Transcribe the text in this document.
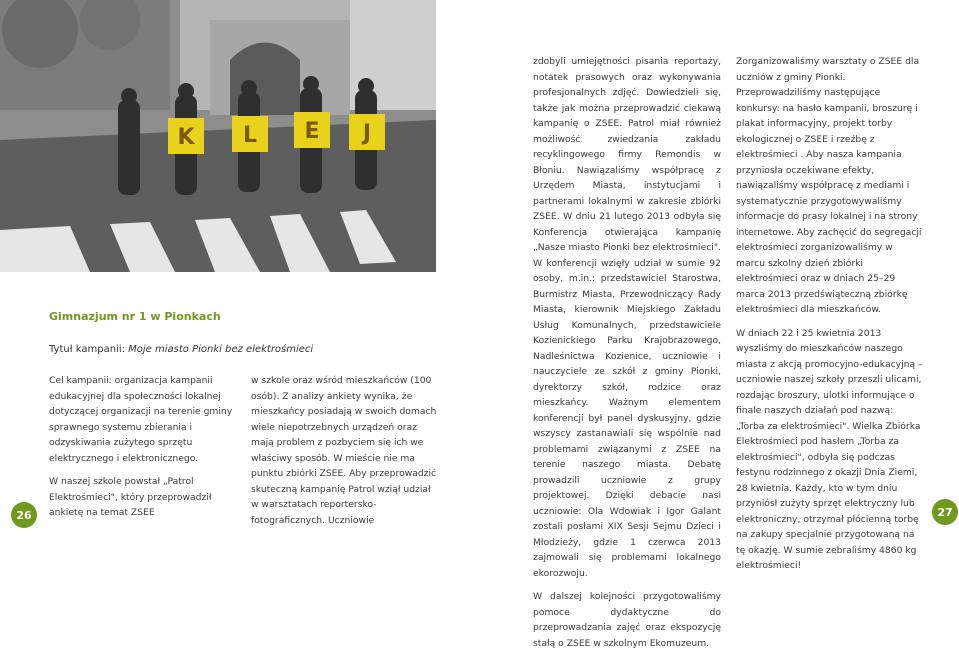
K L E J
Gimnazjum nr 1 w Pionkach
Tytuł kampanii: Moje miasto Pionki bez elektrośmieci

Cel kampanii: organizacja kampanii edukacyjnej dla społeczności lokalnej dotyczącej organizacji na terenie gminy sprawnego systemu zbierania i odzyskiwania zużytego sprzętu elektrycznego i elektronicznego.

W naszej szkole powstał „Patrol Elektrośmieci", który przeprowadził ankietę na temat ZSEE

w szkole oraz wśród mieszkańców (100 osób). Z analizy ankiety wynika, że mieszkańcy posiadają w swoich domach wiele niepotrzebnych urządzeń oraz mają problem z pozbyciem się ich we właściwy sposób. W mieście nie ma punktu zbiórki ZSEE. Aby przeprowadzić skuteczną kampanię Patrol wziął udział w warsztatach reportersko-fotograficznych. Uczniowie

zdobyli umiejętności pisania reportaży, notatek prasowych oraz wykonywania profesjonalnych zdjęć. Dowiedzieli się, także jak można przeprowadzić ciekawą kampanię o ZSEE. Patrol miał również możliwość zwiedzania zakładu recyklingowego firmy Remondis w Błoniu. Nawiązaliśmy współpracę z Urzędem Miasta, instytucjami i partnerami lokalnymi w zakresie zbiórki ZSEE. W dniu 21 lutego 2013 odbyła się Konferencja otwierająca kampanię „Nasze miasto Pionki bez elektrośmieci". W konferencji wzięły udział w sumie 92 osoby, m.in.: przedstawiciel Starostwa, Burmistrz Miasta, Przewodniczący Rady Miasta, kierownik Miejskiego Zakładu Usług Komunalnych, przedstawiciele Kozienickiego Parku Krajobrazowego, Nadleśnictwa Kozienice, uczniowie i nauczyciele ze szkół z gminy Pionki, dyrektorzy szkół, rodzice oraz mieszkańcy. Ważnym elementem konferencji był panel dyskusyjny, gdzie wszyscy zastanawiali się wspólnie nad problemami związanymi z ZSEE na terenie naszego miasta. Debatę prowadzili uczniowie z grupy projektowej. Dzięki debacie nasi uczniowie: Ola Wdowiak i Igor Galant zostali posłami XIX Sesji Sejmu Dzieci i Młodzieży, gdzie 1 czerwca 2013 zajmowali się problemami lokalnego ekorozwoju.

W dalszej kolejności przygotowaliśmy pomoce dydaktyczne do przeprowadzania zajęć oraz ekspozycję stałą o ZSEE w szkolnym Ekomuzeum.

Zorganizowaliśmy warsztaty o ZSEE dla uczniów z gminy Pionki. Przeprowadziliśmy następujące konkursy: na hasło kampanii, broszurę i plakat informacyjny, projekt torby ekologicznej o ZSEE i rzeźbę z elektrośmieci . Aby nasza kampania przyniosła oczekiwane efekty, nawiązaliśmy współpracę z mediami i systematycznie przygotowywaliśmy informacje do prasy lokalnej i na strony internetowe. Aby zachęcić do segregacji elektrośmieci zorganizowaliśmy w marcu szkolny dzień zbiórki elektrośmieci oraz w dniach 25–29 marca 2013 przedświąteczną zbiórkę elektrośmieci dla mieszkańców.

W dniach 22 i 25 kwietnia 2013 wyszliśmy do mieszkańców naszego miasta z akcją promocyjno-edukacyjną – uczniowie naszej szkoły przeszli ulicami, rozdając broszury, ulotki informujące o finale naszych działań pod nazwą: „Torba za elektrośmieci". Wielka Zbiórka Elektrośmieci pod hasłem „Torba za elektrośmieci", odbyła się podczas festynu rodzinnego z okazji Dnia Ziemi, 28 kwietnia. Każdy, kto w tym dniu przyniósł zużyty sprzęt elektryczny lub elektroniczny, otrzymał płócienną torbę na zakupy specjalnie przygotowaną na tę okazję. W sumie zebraliśmy 4860 kg elektrośmieci!

26	27
